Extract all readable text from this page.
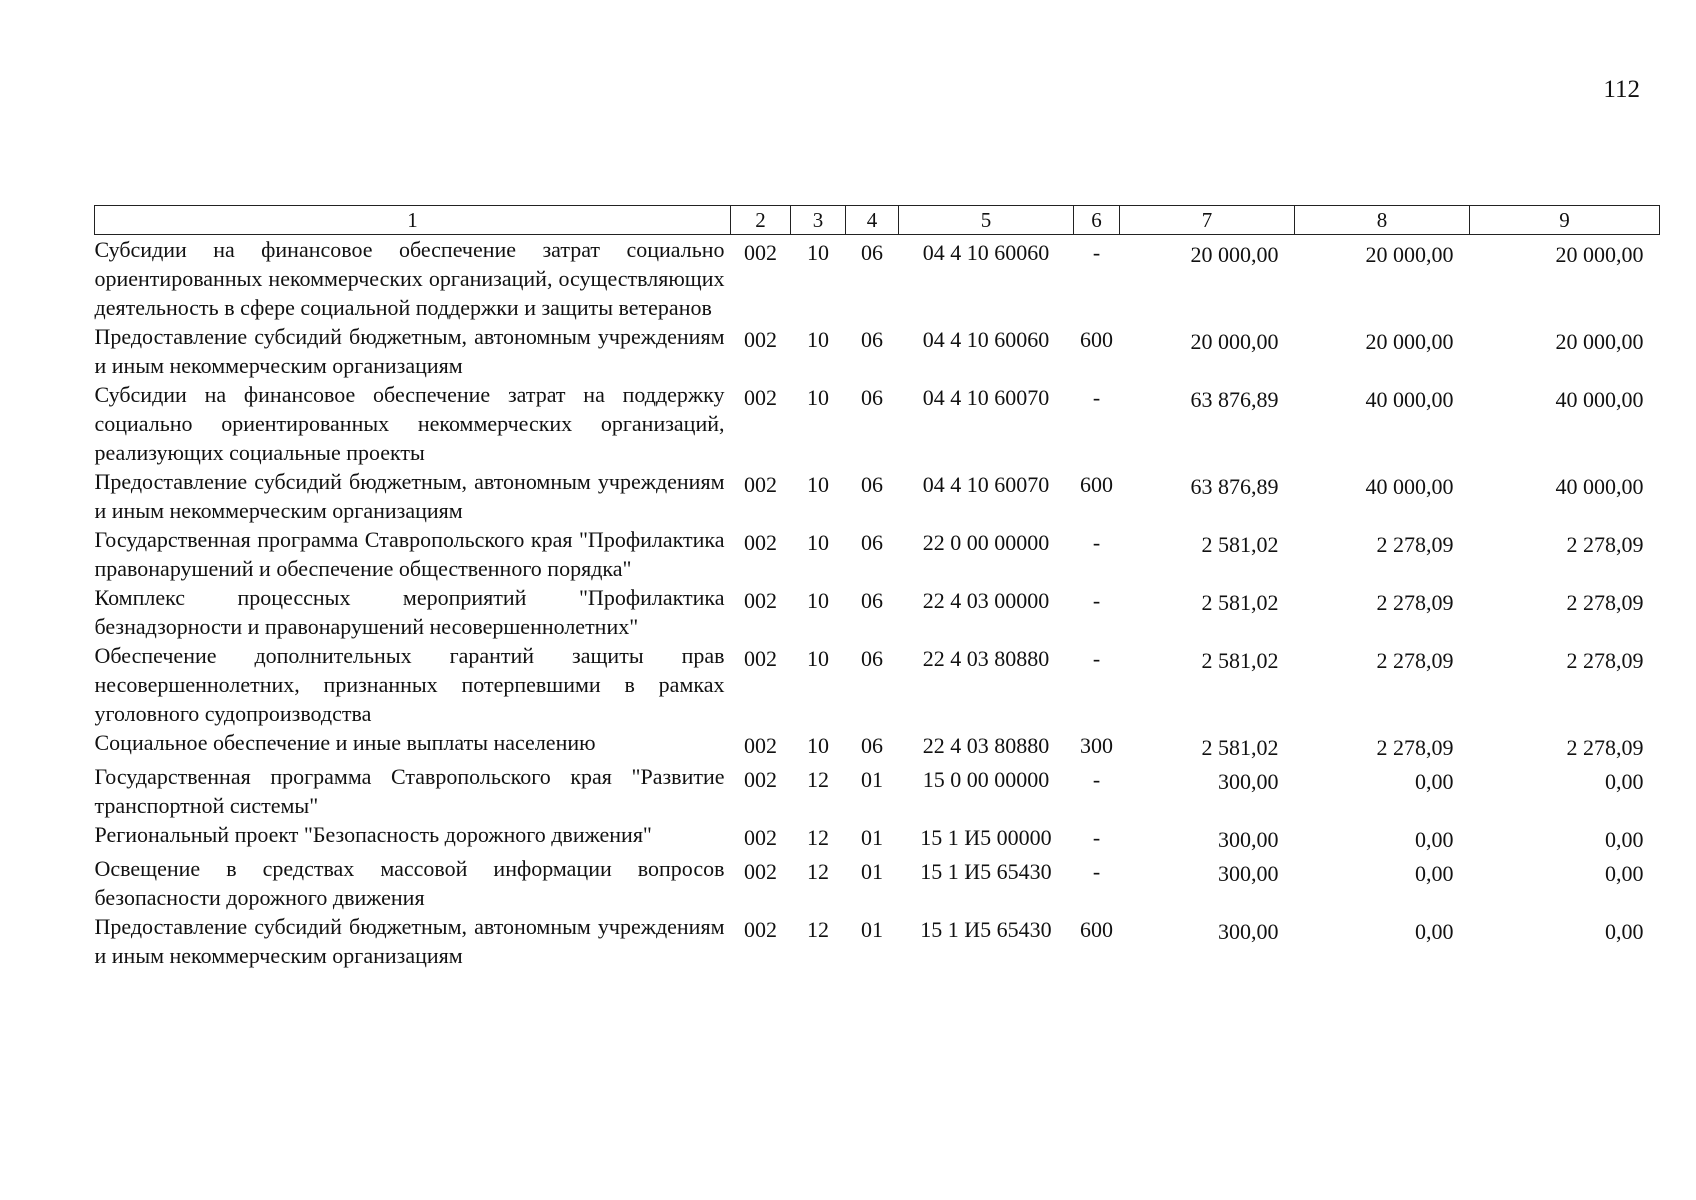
112
1	2	3	4	5	6	7	8	9
Субсидии на финансовое обеспечение затрат социально ориентированных некоммерческих организаций, осуществляющих деятельность в сфере социальной поддержки и защиты ветеранов	002	10	06	04 4 10 60060	-	20 000,00	20 000,00	20 000,00
Предоставление субсидий бюджетным, автономным учреждениям и иным некоммерческим организациям	002	10	06	04 4 10 60060	600	20 000,00	20 000,00	20 000,00
Субсидии на финансовое обеспечение затрат на поддержку социально ориентированных некоммерческих организаций, реализующих социальные проекты	002	10	06	04 4 10 60070	-	63 876,89	40 000,00	40 000,00
Предоставление субсидий бюджетным, автономным учреждениям и иным некоммерческим организациям	002	10	06	04 4 10 60070	600	63 876,89	40 000,00	40 000,00
Государственная программа Ставропольского края "Профилактика правонарушений и обеспечение общественного порядка"	002	10	06	22 0 00 00000	-	2 581,02	2 278,09	2 278,09
Комплекс процессных мероприятий "Профилактика безнадзорности и правонарушений несовершеннолетних"	002	10	06	22 4 03 00000	-	2 581,02	2 278,09	2 278,09
Обеспечение дополнительных гарантий защиты прав несовершеннолетних, признанных потерпевшими в рамках уголовного судопроизводства	002	10	06	22 4 03 80880	-	2 581,02	2 278,09	2 278,09
Социальное обеспечение и иные выплаты населению	002	10	06	22 4 03 80880	300	2 581,02	2 278,09	2 278,09
Государственная программа Ставропольского края "Развитие транспортной системы"	002	12	01	15 0 00 00000	-	300,00	0,00	0,00
Региональный проект "Безопасность дорожного движения"	002	12	01	15 1 И5 00000	-	300,00	0,00	0,00
Освещение в средствах массовой информации вопросов безопасности дорожного движения	002	12	01	15 1 И5 65430	-	300,00	0,00	0,00
Предоставление субсидий бюджетным, автономным учреждениям и иным некоммерческим организациям	002	12	01	15 1 И5 65430	600	300,00	0,00	0,00
